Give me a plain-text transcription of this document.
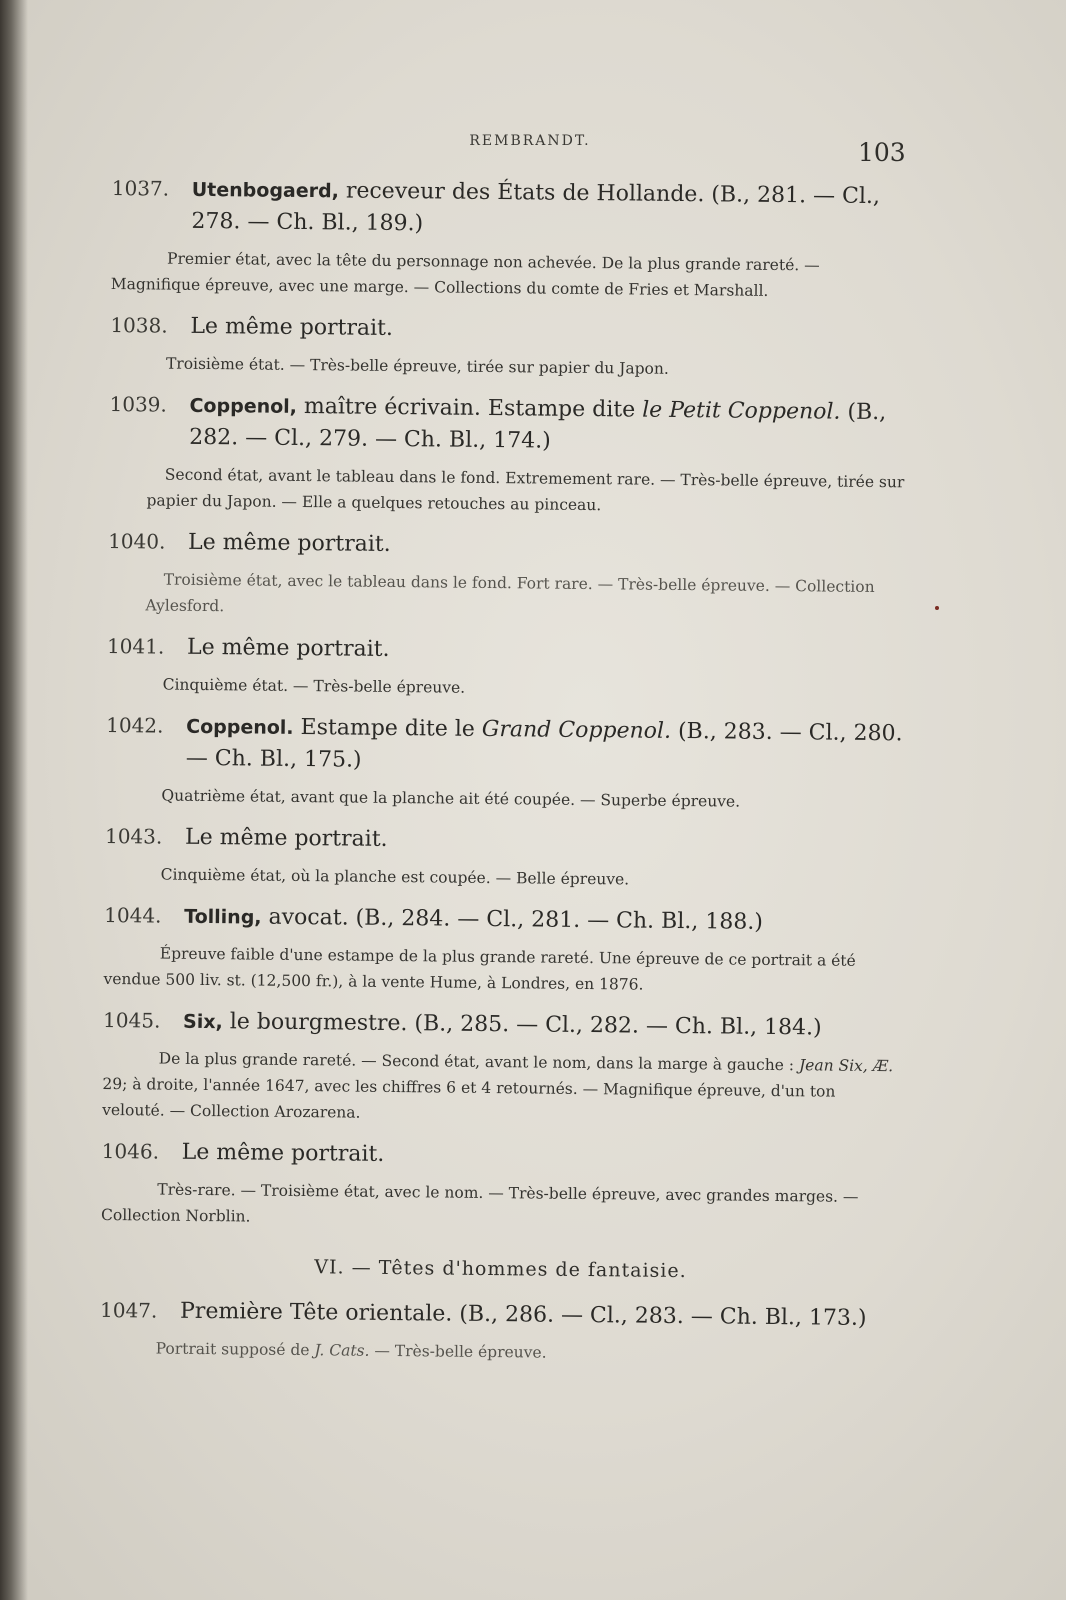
REMBRANDT.	103
1037. Utenbogaerd, receveur des États de Hollande. (B., 281. — Cl., 278. — Ch. Bl., 189.)
Premier état, avec la tête du personnage non achevée. De la plus grande rareté. — Magnifique épreuve, avec une marge. — Collections du comte de Fries et Marshall.
1038. Le même portrait.
Troisième état. — Très-belle épreuve, tirée sur papier du Japon.
1039. Coppenol, maître écrivain. Estampe dite le Petit Coppenol. (B., 282. — Cl., 279. — Ch. Bl., 174.)
Second état, avant le tableau dans le fond. Extremement rare. — Très-belle épreuve, tirée sur papier du Japon. — Elle a quelques retouches au pinceau.
1040. Le même portrait.
Troisième état, avec le tableau dans le fond. Fort rare. — Très-belle épreuve. — Collection Aylesford.
1041. Le même portrait.
Cinquième état. — Très-belle épreuve.
1042. Coppenol. Estampe dite le Grand Coppenol. (B., 283. — Cl., 280. — Ch. Bl., 175.)
Quatrième état, avant que la planche ait été coupée. — Superbe épreuve.
1043. Le même portrait.
Cinquième état, où la planche est coupée. — Belle épreuve.
1044. Tolling, avocat. (B., 284. — Cl., 281. — Ch. Bl., 188.)
Épreuve faible d'une estampe de la plus grande rareté. Une épreuve de ce portrait a été vendue 500 liv. st. (12,500 fr.), à la vente Hume, à Londres, en 1876.
1045. Six, le bourgmestre. (B., 285. — Cl., 282. — Ch. Bl., 184.)
De la plus grande rareté. — Second état, avant le nom, dans la marge à gauche : Jean Six, Æ. 29; à droite, l'année 1647, avec les chiffres 6 et 4 retournés. — Magnifique épreuve, d'un ton velouté. — Collection Arozarena.
1046. Le même portrait.
Très-rare. — Troisième état, avec le nom. — Très-belle épreuve, avec grandes marges. — Collection Norblin.
VI. — Têtes d'hommes de fantaisie.
1047. Première Tête orientale. (B., 286. — Cl., 283. — Ch. Bl., 173.)
Portrait supposé de J. Cats. — Très-belle épreuve.
